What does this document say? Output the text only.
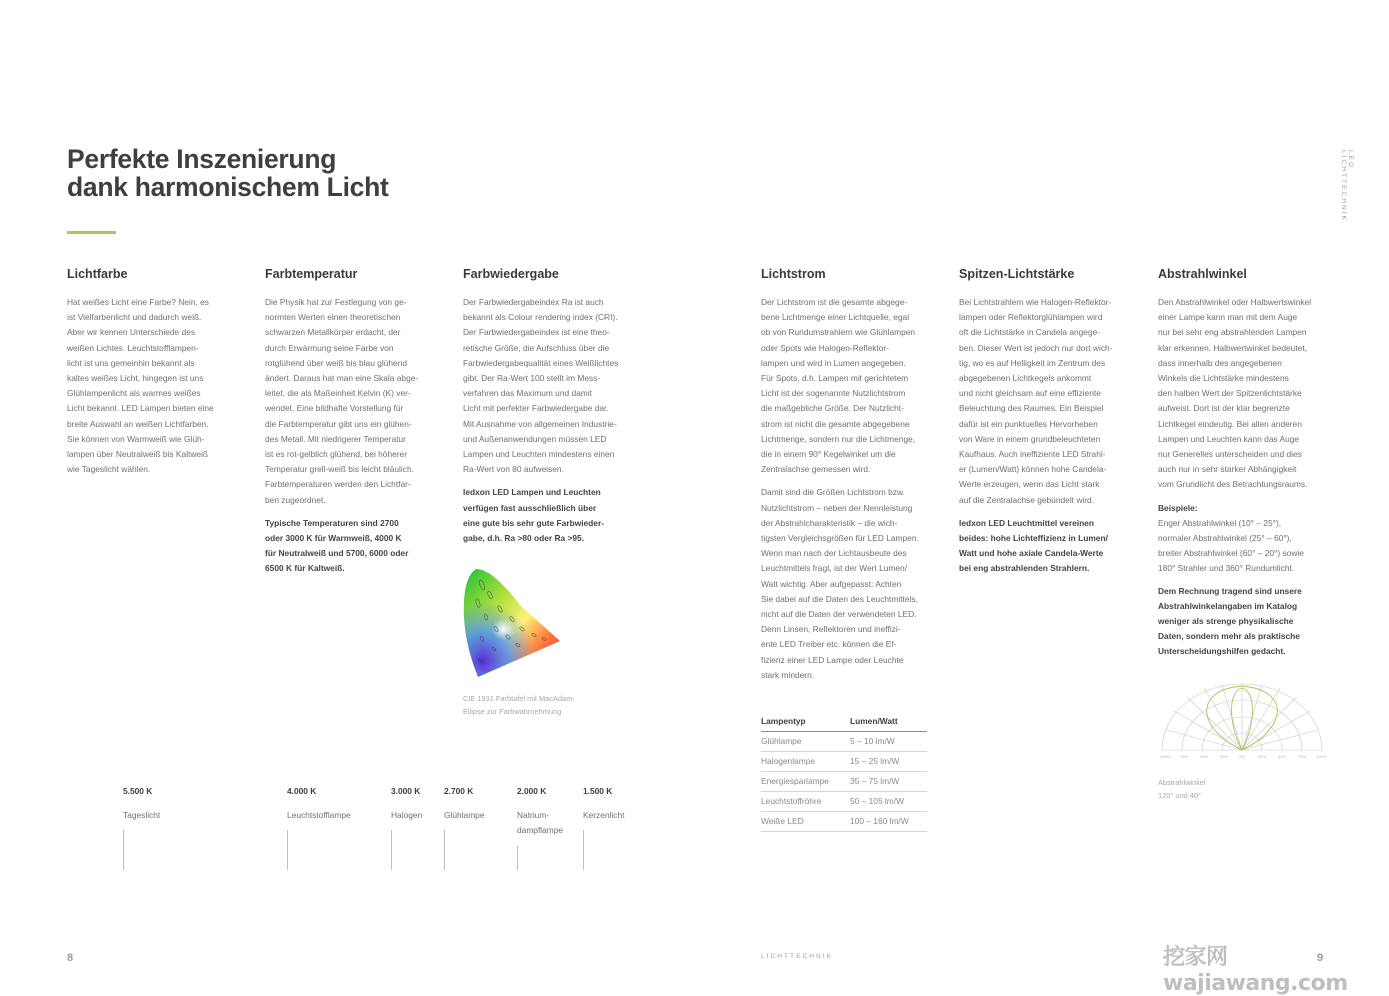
Perfekte Inszenierung
dank harmonischem Licht
LED LICHTTECHNIK
Lichtfarbe

Hat weißes Licht eine Farbe? Nein, es
ist Vielfarbenlicht und dadurch weiß.
Aber wir kennen Unterschiede des
weißen Lichtes. Leuchtstofflampen-
licht ist uns gemeinhin bekannt als
kaltes weißes Licht, hingegen ist uns
Glühlampenlicht als warmes weißes
Licht bekannt. LED Lampen bieten eine
breite Auswahl an weißen Lichtfarben.
Sie können von Warmweiß wie Glüh-
lampen über Neutralweiß bis Kaltweiß
wie Tageslicht wählen.

Farbtemperatur

Die Physik hat zur Festlegung von ge-
normten Werten einen theoretischen
schwarzen Metallkörper erdacht, der
durch Erwärmung seine Farbe von
rotglühend über weiß bis blau glühend
ändert. Daraus hat man eine Skala abge-
leitet, die als Maßeinheit Kelvin (K) ver-
wendet. Eine bildhafte Vorstellung für
die Farbtemperatur gibt uns ein glühen-
des Metall. Mit niedrigerer Temperatur
ist es rot-gelblich glühend, bei höherer
Temperatur grell-weiß bis leicht bläulich.
Farbtemperaturen werden den Lichtfar-
ben zugeordnet.

Typische Temperaturen sind 2700
oder 3000 K für Warmweiß, 4000 K
für Neutralweiß und 5700, 6000 oder
6500 K für Kaltweiß.

Farbwiedergabe

Der Farbwiedergabeindex Ra ist auch
bekannt als Colour rendering index (CRI).
Der Farbwiedergabeindex ist eine theo-
retische Größe, die Aufschluss über die
Farbwiedergabequalität eines Weißlichtes
gibt. Der Ra-Wert 100 stellt im Mess-
verfahren das Maximum und damit
Licht mit perfekter Farbwiedergabe dar.
Mit Ausnahme von allgemeinen Industrie-
und Außenanwendungen müssen LED
Lampen und Leuchten mindestens einen
Ra-Wert von 80 aufweisen.

ledxon LED Lampen und Leuchten
verfügen fast ausschließlich über
eine gute bis sehr gute Farbwieder-
gabe, d.h. Ra >80 oder Ra >95.

CIE 1931 Farbtafel mit MacAdam-
Ellipse zur Farbwahrnehmung

Lichtstrom

Der Lichtstrom ist die gesamte abgege-
bene Lichtmenge einer Lichtquelle, egal
ob von Rundumstrahlern wie Glühlampen
oder Spots wie Halogen-Reflektor-
lampen und wird in Lumen angegeben.
Für Spots, d.h. Lampen mit gerichtetem
Licht ist der sogenannte Nutzlichtstrom
die maßgebliche Größe. Der Nutzlicht-
strom ist nicht die gesamte abgegebene
Lichtmenge, sondern nur die Lichtmenge,
die in einem 90° Kegelwinkel um die
Zentralachse gemessen wird.

Damit sind die Größen Lichtstrom bzw.
Nutzlichtstrom – neben der Nennleistung
der Abstrahlcharakteristik – die wich-
tigsten Vergleichsgrößen für LED Lampen.
Wenn man nach der Lichtausbeute des
Leuchtmittels fragt, ist der Wert Lumen/
Watt wichtig. Aber aufgepasst: Achten
Sie dabei auf die Daten des Leuchtmittels,
nicht auf die Daten der verwendeten LED.
Denn Linsen, Reflektoren und ineffizi-
ente LED Treiber etc. können die Ef-
fizienz einer LED Lampe oder Leuchte
stark mindern.

Lampentyp	Lumen/Watt
Glühlampe	5 – 10 lm/W
Halogenlampe	15 – 25 lm/W
Energiesparlampe	35 – 75 lm/W
Leuchtstoffröhre	50 – 105 lm/W
Weiße LED	100 – 160 lm/W
Spitzen-Lichtstärke

Bei Lichtstrahlern wie Halogen-Reflektor-
lampen oder Reflektorglühlampen wird
oft die Lichtstärke in Candela angege-
ben. Dieser Wert ist jedoch nur dort wich-
tig, wo es auf Helligkeit im Zentrum des
abgegebenen Lichtkegels ankommt
und nicht gleichsam auf eine effiziente
Beleuchtung des Raumes. Ein Beispiel
dafür ist ein punktuelles Hervorheben
von Ware in einem grundbeleuchteten
Kaufhaus. Auch ineffiziente LED Strahl-
er (Lumen/Watt) können hohe Candela-
Werte erzeugen, wenn das Licht stark
auf die Zentralachse gebündelt wird.

ledxon LED Leuchtmittel vereinen
beides: hohe Lichteffizienz in Lumen/
Watt und hohe axiale Candela-Werte
bei eng abstrahlenden Strahlern.

Abstrahlwinkel

Den Abstrahlwinkel oder Halbwertswinkel
einer Lampe kann man mit dem Auge
nur bei sehr eng abstrahlenden Lampen
klar erkennen. Halbwertwinkel bedeutet,
dass innerhalb des angegebenen
Winkels die Lichtstärke mindestens
den halben Wert der Spitzenlichtstärke
aufweist. Dort ist der klar begrenzte
Lichtkegel eindeutig. Bei allen anderen
Lampen und Leuchten kann das Auge
nur Generelles unterscheiden und dies
auch nur in sehr starker Abhängigkeit
vom Grundlicht des Betrachtungsraums.

Beispiele:
Enger Abstrahlwinkel (10° – 25°),
normaler Abstrahlwinkel (25° – 60°),
breiter Abstrahlwinkel (60° – 20°) sowie
180° Strahler und 360° Rundumlicht.

Dem Rechnung tragend sind unsere
Abstrahlwinkelangaben im Katalog
weniger als strenge physikalische
Daten, sondern mehr als praktische
Unterscheidungshilfen gedacht.

100% 75%	50%	25%	0%	25%	50%	75% 100%

Abstrahlwinkel
120° und 40°

5.500 K
Tageslicht
4.000 K
Leuchtstofflampe
3.000 K
Halogen
2.700 K
Glühlampe
2.000 K
Natrium-
dampflampe
1.500 K
Kerzenlicht
8	LICHTTECHNIK	挖家网 wajiawang.com
9
